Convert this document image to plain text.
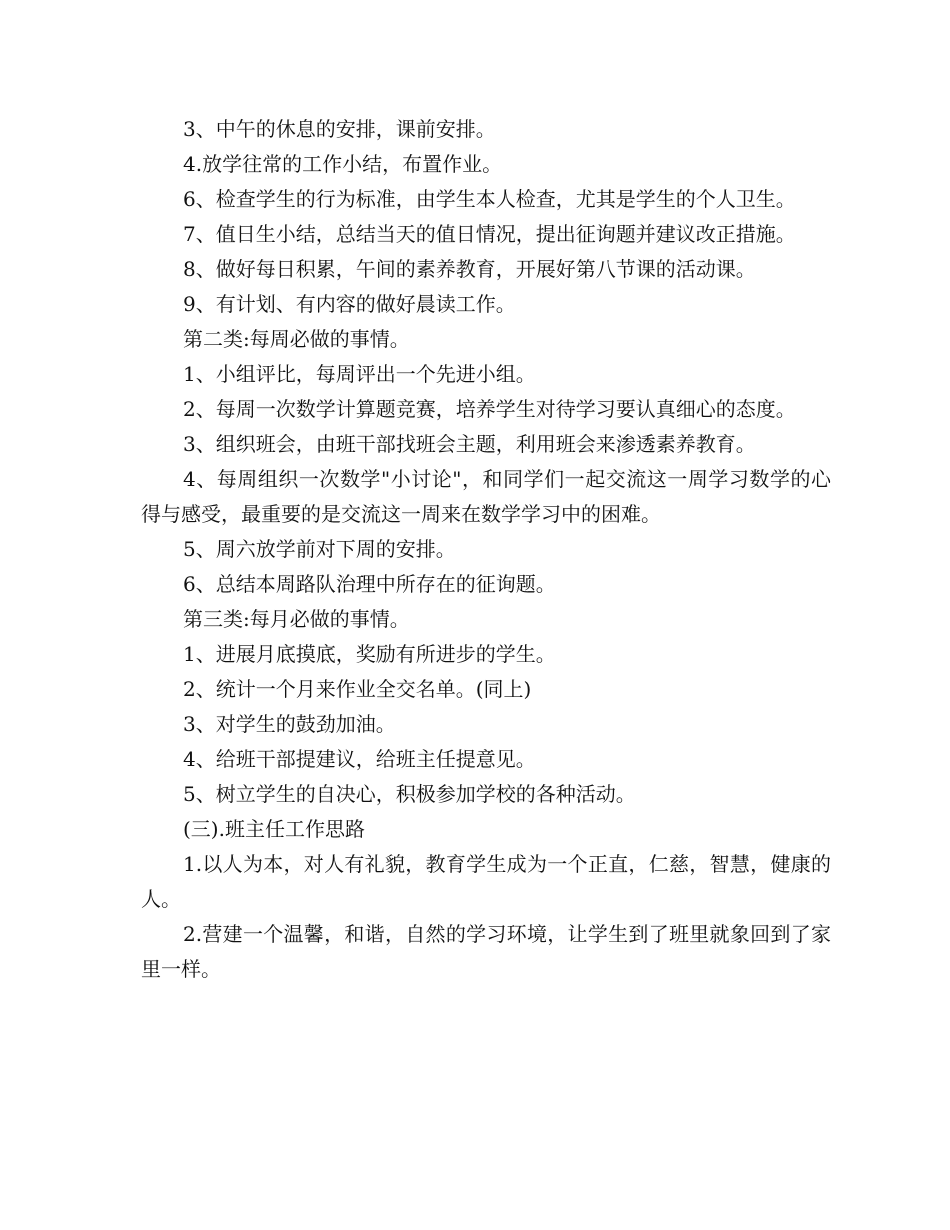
3、中午的休息的安排，课前安排。

4.放学往常的工作小结，布置作业。

6、检查学生的行为标准，由学生本人检查，尤其是学生的个人卫生。

7、值日生小结，总结当天的值日情况，提出征询题并建议改正措施。

8、做好每日积累，午间的素养教育，开展好第八节课的活动课。

9、有计划、有内容的做好晨读工作。

第二类:每周必做的事情。

1、小组评比，每周评出一个先进小组。

2、每周一次数学计算题竞赛，培养学生对待学习要认真细心的态度。

3、组织班会，由班干部找班会主题，利用班会来渗透素养教育。

4、每周组织一次数学"小讨论"，和同学们一起交流这一周学习数学的心得与感受，最重要的是交流这一周来在数学学习中的困难。

5、周六放学前对下周的安排。

6、总结本周路队治理中所存在的征询题。

第三类:每月必做的事情。

1、进展月底摸底，奖励有所进步的学生。

2、统计一个月来作业全交名单。(同上)

3、对学生的鼓劲加油。

4、给班干部提建议，给班主任提意见。

5、树立学生的自决心，积极参加学校的各种活动。

(三).班主任工作思路

1.以人为本，对人有礼貌，教育学生成为一个正直，仁慈，智慧，健康的人。

2.营建一个温馨，和谐，自然的学习环境，让学生到了班里就象回到了家里一样。
